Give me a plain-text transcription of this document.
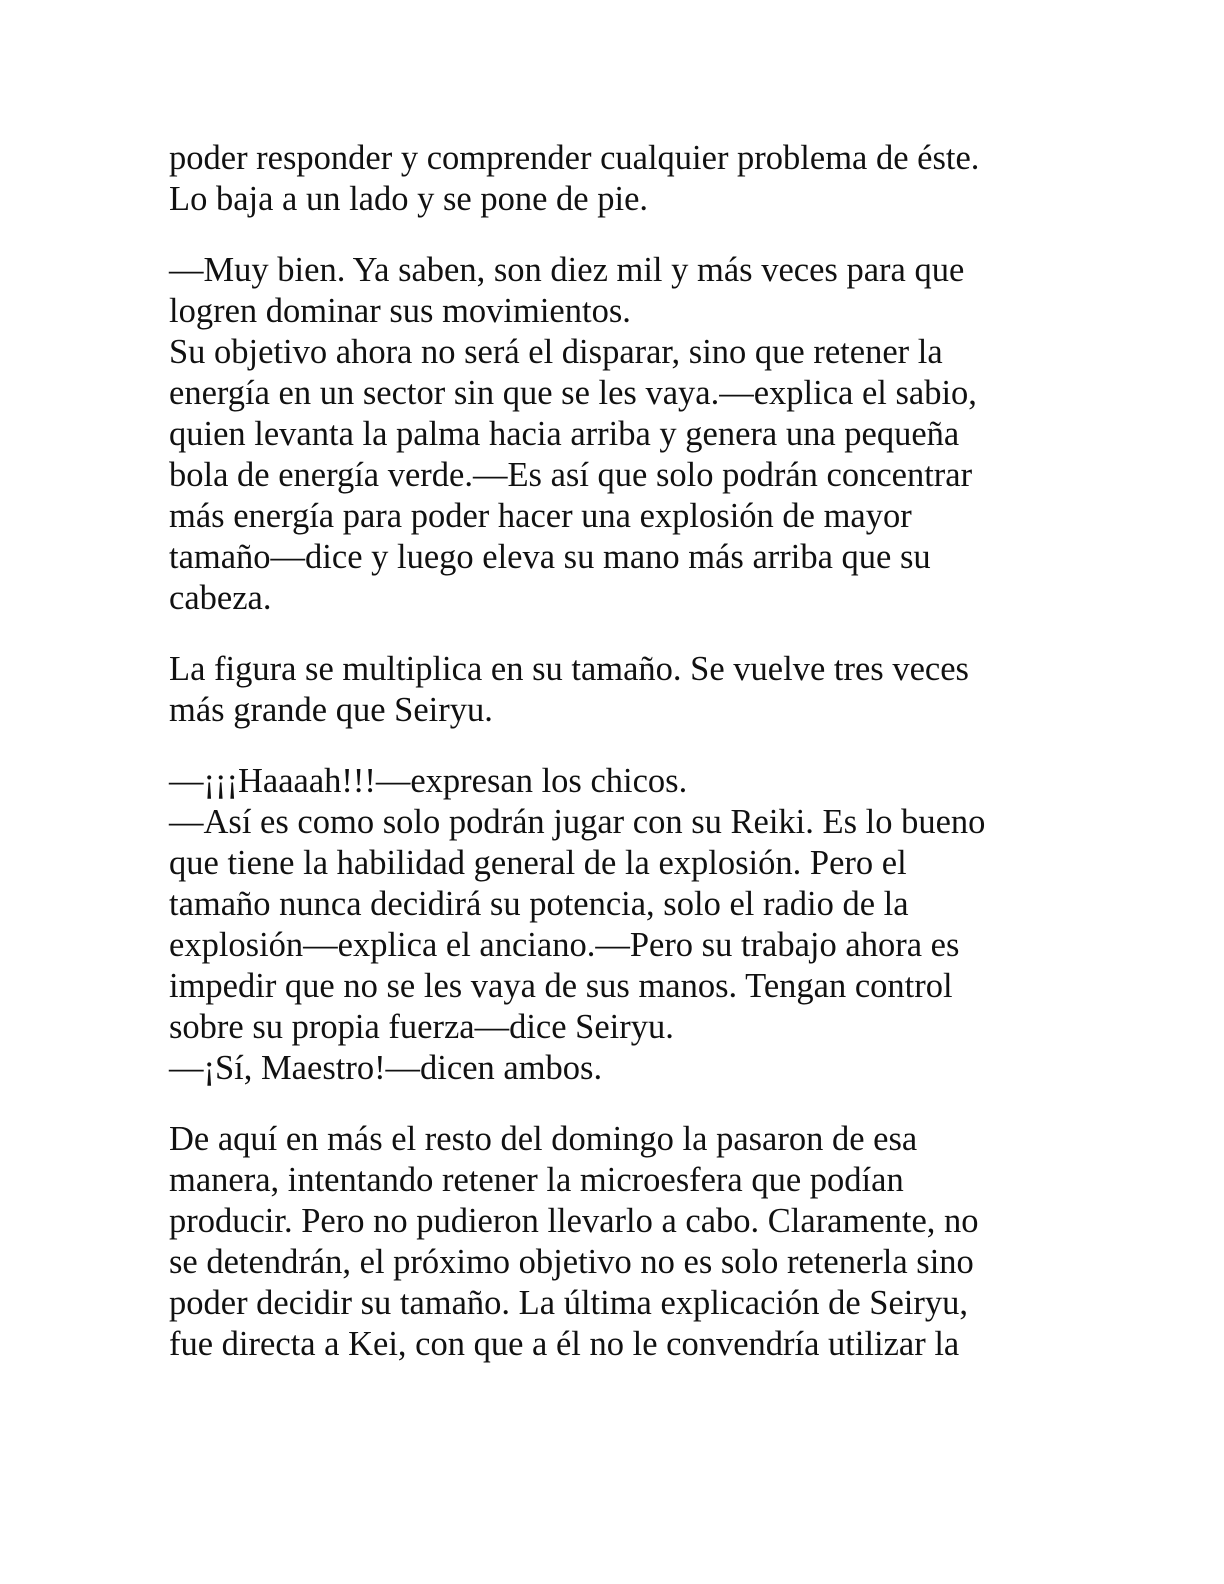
poder responder y comprender cualquier problema de éste.
Lo baja a un lado y se pone de pie.

—Muy bien. Ya saben, son diez mil y más veces para que
logren dominar sus movimientos.
Su objetivo ahora no será el disparar, sino que retener la
energía en un sector sin que se les vaya.—explica el sabio,
quien levanta la palma hacia arriba y genera una pequeña
bola de energía verde.—Es así que solo podrán concentrar
más energía para poder hacer una explosión de mayor
tamaño—dice y luego eleva su mano más arriba que su
cabeza.

La figura se multiplica en su tamaño. Se vuelve tres veces
más grande que Seiryu.

—¡¡¡Haaaah!!!—expresan los chicos.
—Así es como solo podrán jugar con su Reiki. Es lo bueno
que tiene la habilidad general de la explosión. Pero el
tamaño nunca decidirá su potencia, solo el radio de la
explosión—explica el anciano.—Pero su trabajo ahora es
impedir que no se les vaya de sus manos. Tengan control
sobre su propia fuerza—dice Seiryu.
—¡Sí, Maestro!—dicen ambos.

De aquí en más el resto del domingo la pasaron de esa
manera, intentando retener la microesfera que podían
producir. Pero no pudieron llevarlo a cabo. Claramente, no
se detendrán, el próximo objetivo no es solo retenerla sino
poder decidir su tamaño. La última explicación de Seiryu,
fue directa a Kei, con que a él no le convendría utilizar la
